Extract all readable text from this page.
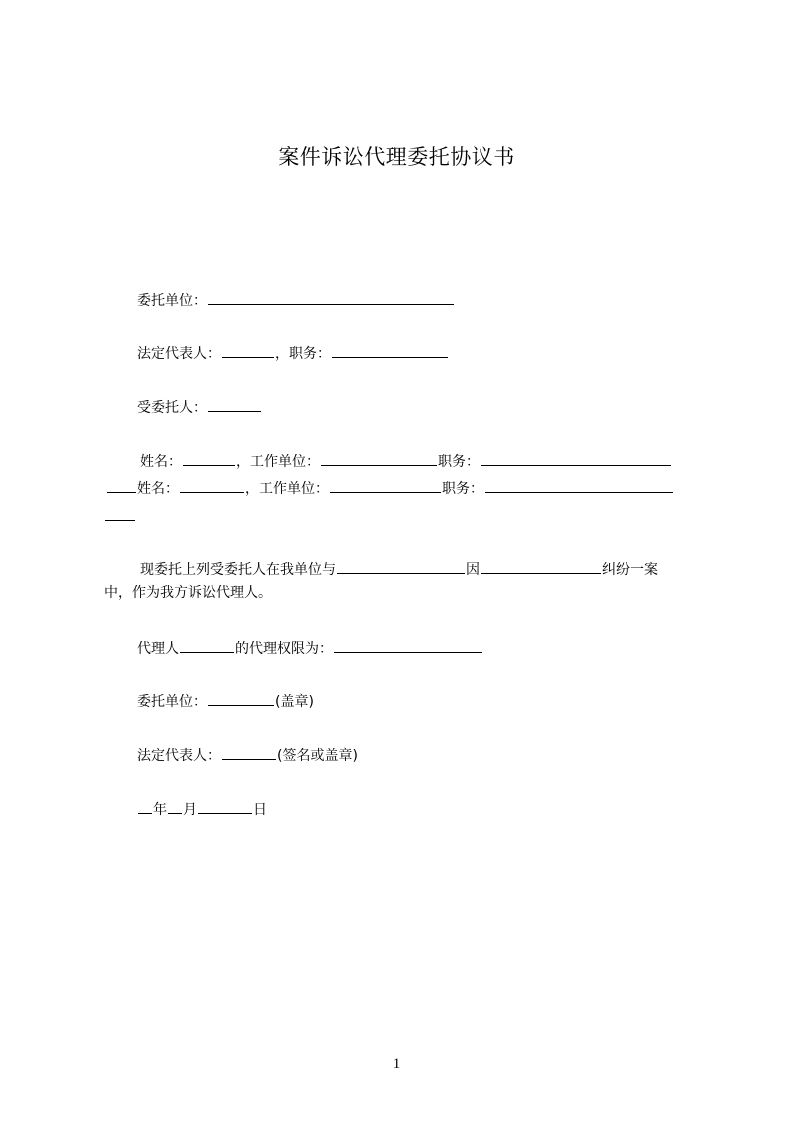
案件诉讼代理委托协议书
委托单位：
法定代表人：	，职务：
受委托人：
姓名：	，工作单位：	职务：
姓名：	，工作单位：	职务：
现委托上列受委托人在我单位与	因	纠纷一案
中，作为我方诉讼代理人。
代理人	的代理权限为：
委托单位：	(盖章)
法定代表人：	(签名或盖章)
年 月	日
1
